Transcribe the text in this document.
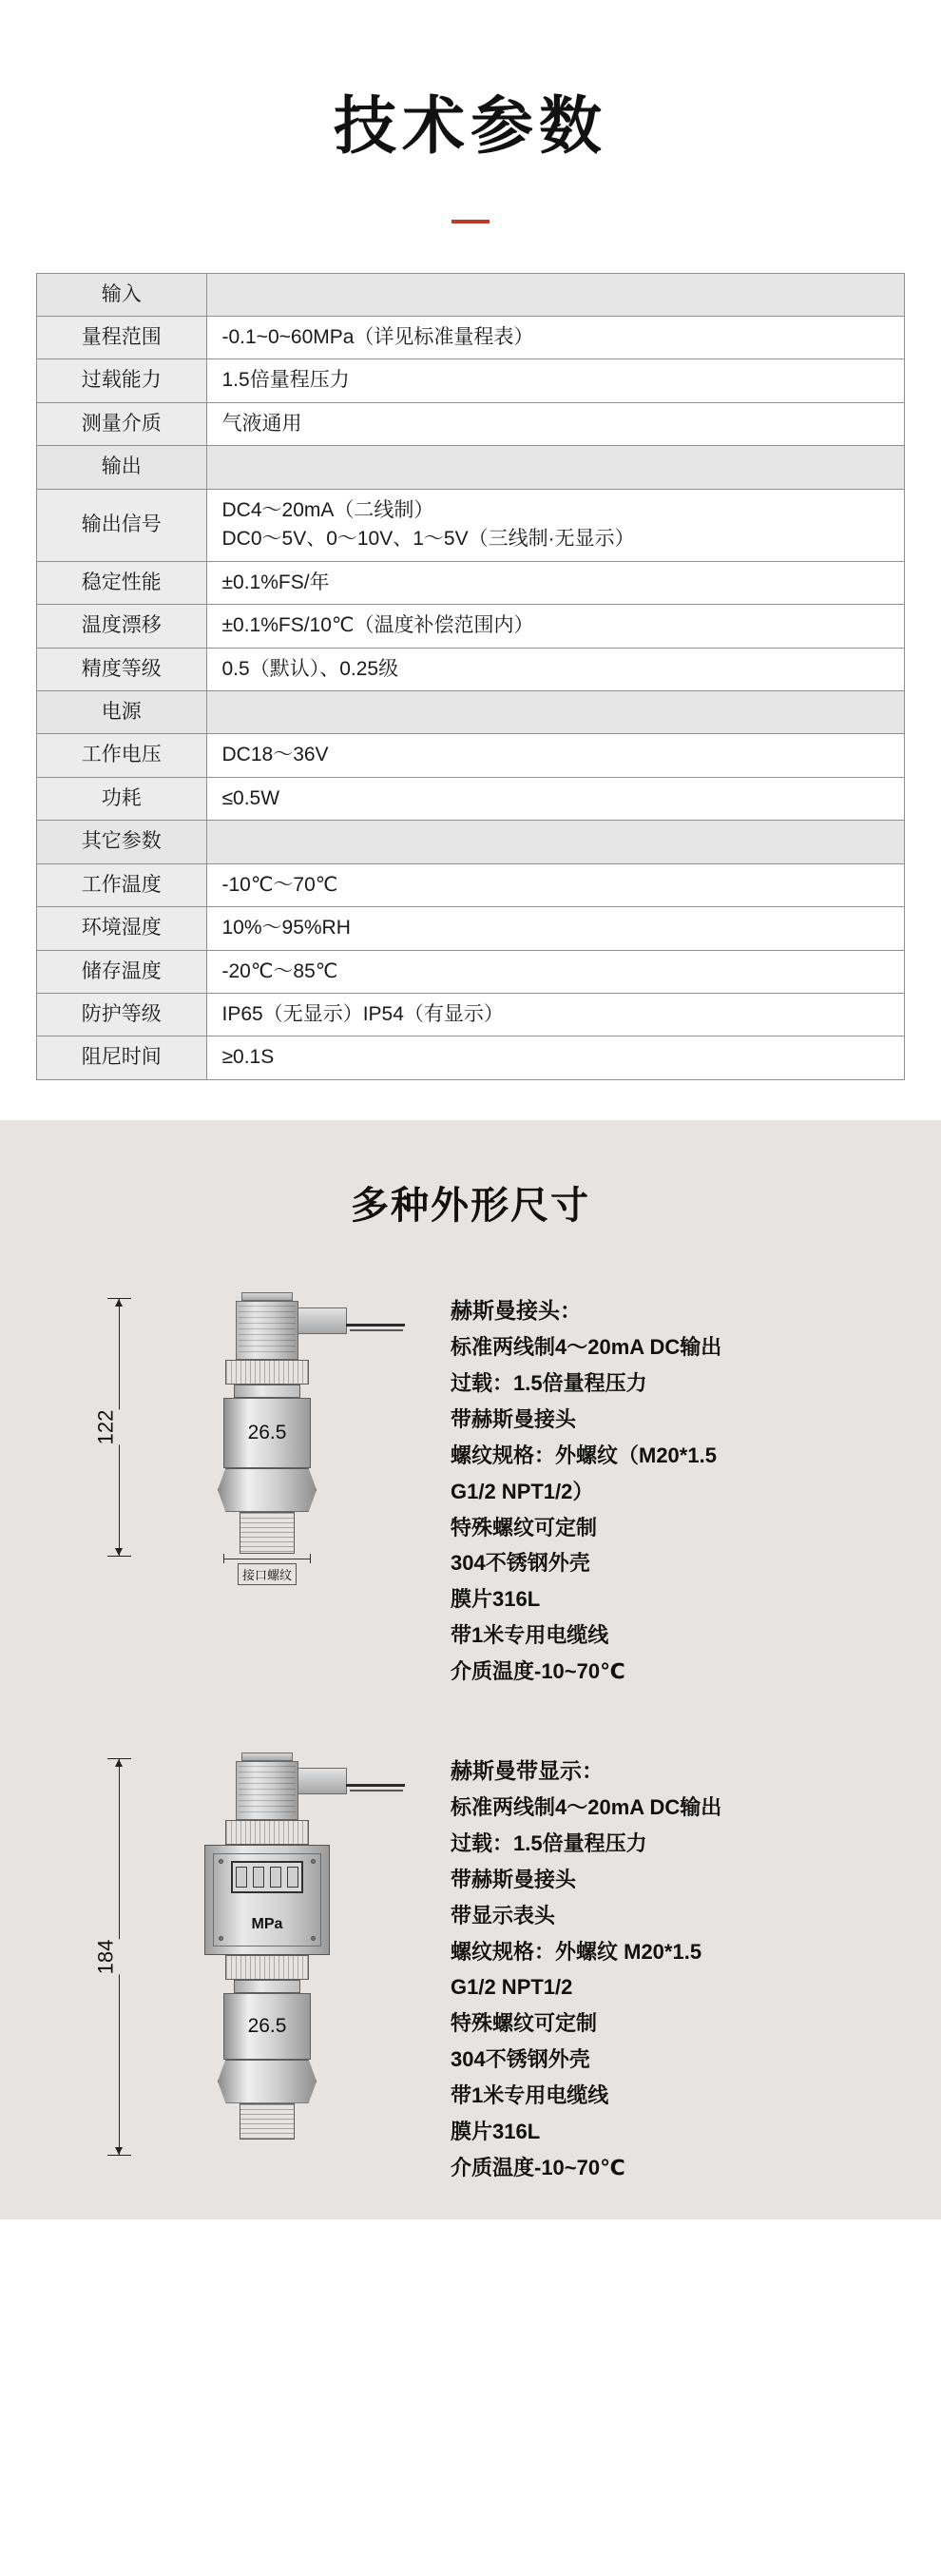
技术参数
输入	
量程范围	-0.1~0~60MPa（详见标准量程表）

过载能力	1.5倍量程压力

测量介质	气液通用

输出	
输出信号	DC4～20mA（二线制）
DC0～5V、0～10V、1～5V（三线制·无显示）

稳定性能	±0.1%FS/年

温度漂移	±0.1%FS/10℃（温度补偿范围内）

精度等级	0.5（默认）、0.25级

电源	
工作电压	DC18～36V

功耗	≤0.5W

其它参数	
工作温度	-10℃～70℃

环境湿度	10%～95%RH

储存温度	-20℃～85℃

防护等级	IP65（无显示）IP54（有显示）

阻尼时间	≥0.1S
多种外形尺寸
122	26.5
接口螺纹
赫斯曼接头：
标准两线制4～20mA DC输出
过载：1.5倍量程压力
带赫斯曼接头
螺纹规格：外螺纹（M20*1.5
G1/2 NPT1/2）
特殊螺纹可定制
304不锈钢外壳
膜片316L
带1米专用电缆线
介质温度-10~70℃
184
MPa
26.5
赫斯曼带显示：
标准两线制4～20mA DC输出
过载：1.5倍量程压力
带赫斯曼接头
带显示表头
螺纹规格：外螺纹 M20*1.5
G1/2 NPT1/2
特殊螺纹可定制
304不锈钢外壳
带1米专用电缆线
膜片316L
介质温度-10~70℃
